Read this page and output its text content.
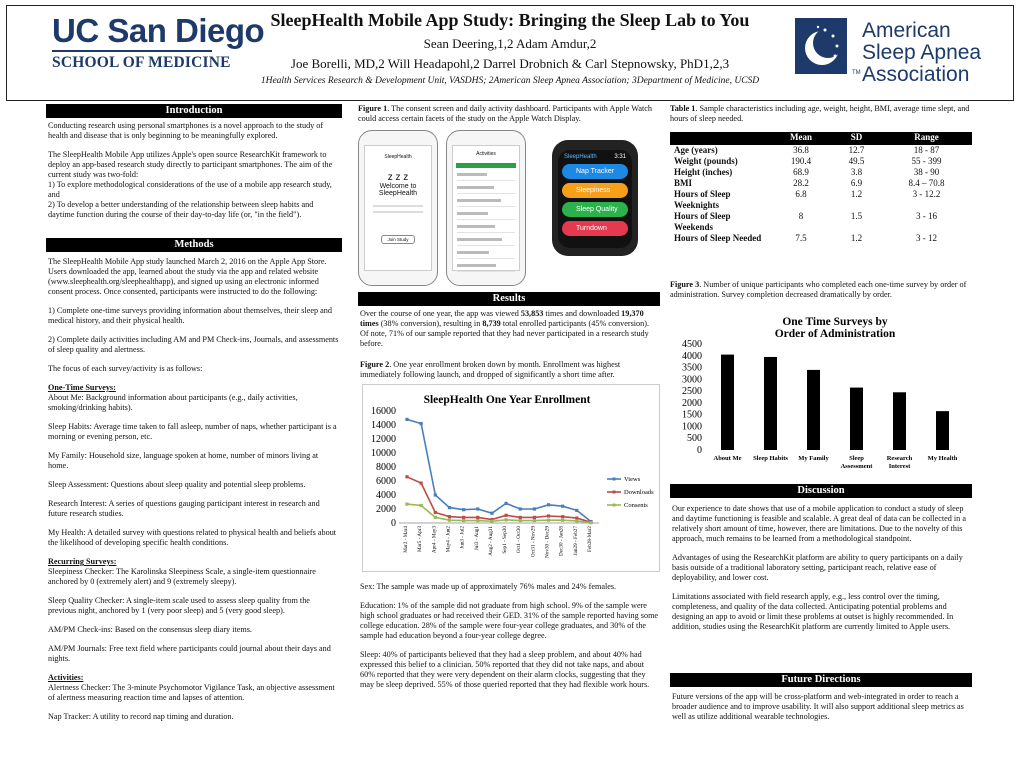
UC San Diego
SCHOOL OF MEDICINE
SleepHealth Mobile App Study: Bringing the Sleep Lab to You
Sean Deering,1,2 Adam Amdur,2
Joe Borelli, MD,2 Will Headapohl,2 Darrel Drobnich & Carl Stepnowsky, PhD1,2,3
1Health Services Research & Development Unit, VASDHS; 2American Sleep Apnea Association; 3Department of Medicine, UCSD
American
Sleep Apnea
Association
TM
Introduction

Conducting research using personal smartphones is a novel approach to the study of health and disease that is only beginning to be meaningfully explored.

The SleepHealth Mobile App utilizes Apple's open source ResearchKit framework to deploy an app-based research study directly to participant smartphones. The aim of the current study was two-fold:
1) To explore methodological considerations of the use of a mobile app research study, and
2) To develop a better understanding of the relationship between sleep habits and daytime function during the course of their day-to-day life (or, "in the field").
Methods

The SleepHealth Mobile App study launched March 2, 2016 on the Apple App Store. Users downloaded the app, learned about the study via the app and related website (www.sleephealth.org/sleephealthapp), and signed up using an electronic informed consent process. Once consented, participants were instructed to do the following:

1) Complete one-time surveys providing information about themselves, their sleep and medical history, and their physical health.

2) Complete daily activities including AM and PM Check-ins, Journals, and assessments of sleep quality and alertness.

The focus of each survey/activity is as follows:

One-Time Surveys:

About Me: Background information about participants (e.g., daily activities, smoking/drinking habits).

Sleep Habits: Average time taken to fall asleep, number of naps, whether participant is a morning or evening person, etc.

My Family: Household size, language spoken at home, number of minors living at home.

Sleep Assessment: Questions about sleep quality and potential sleep problems.

Research Interest: A series of questions gauging participant interest in research and future research studies.

My Health: A detailed survey with questions related to physical health and beliefs about the likelihood of developing specific health conditions.

Recurring Surveys:

Sleepiness Checker: The Karolinska Sleepiness Scale, a single-item questionnaire anchored by 0 (extremely alert) and 9 (extremely sleepy).

Sleep Quality Checker: A single-item scale used to assess sleep quality from the previous night, anchored by 1 (very poor sleep) and 5 (very good sleep).

AM/PM Check-ins: Based on the consensus sleep diary items.

AM/PM Journals: Free text field where participants could journal about their days and nights.

Activities:

Alertness Checker: The 3-minute Psychomotor Vigilance Task, an objective assessment of alertness measuring reaction time and lapses of attention.

Nap Tracker: A utility to record nap timing and duration.

Figure 1. The consent screen and daily activity dashboard. Participants with Apple Watch could access certain facets of the study on the Apple Watch Display.
SleepHealth
z z z
Welcome to
SleepHealth
Join Study
Activities	SleepHealth	3:31
Nap Tracker
Sleepiness
Sleep Quality
Turndown
Results
Over the course of one year, the app was viewed 53,853 times and downloaded 19,370 times (38% conversion), resulting in 8,739 total enrolled participants (45% conversion). Of note, 71% of our sample reported that they had never participated in a research study before.
Figure 2. One year enrollment broken down by month. Enrollment was highest immediately following launch, and dropped of significantly a short time after.
SleepHealth One Year Enrollment
0
2000
4000
6000
8000
10000
12000
14000
16000
Mar2 - Mar4 Mar5 - Apr3 Apr4 - May3 May4 - Jun2 Jun3 - Jul2 Jul3 - Aug1 Aug2 - Aug31 Sep1 - Sep30 Oct1 - Oct30 Oct31 - Nov29 Nov30 - Dec29 Dec30 - Jan28 Jan29 - Feb27 Feb28-Mar2
Views
Downloads
Consents

Sex: The sample was made up of approximately 76% males and 24% females.

Education: 1% of the sample did not graduate from high school. 9% of the sample were high school graduates or had received their GED. 31% of the sample reported having some college education. 28% of the sample were four-year college graduates, and 30% of the sample had education beyond a four-year college degree.

Sleep: 40% of participants believed that they had a sleep problem, and about 40% had expressed this belief to a clinician. 50% reported that they did not take naps, and about 60% reported that they were very dependent on their alarm clocks, suggesting that they may be sleep deprived. 55% of those queried reported that they had flexible work hours.

Table 1. Sample characteristics including age, weight, height, BMI, average time slept, and hours of sleep needed.
	Mean	SD	Range
Age (years)	36.8	12.7	18 - 87
Weight (pounds)	190.4	49.5	55 - 399
Height (inches)	68.9	3.8	38 - 90
BMI	28.2	6.9	8.4 – 70.8
Hours of Sleep Weeknights	6.8	1.2	3 - 12.2
Hours of Sleep Weekends	8	1.5	3 - 16
Hours of Sleep Needed	7.5	1.2	3 - 12
Figure 3. Number of unique participants who completed each one-time survey by order of administration. Survey completion decreased dramatically by order.
One Time Surveys by Order of Administration
0
500
1000
1500
2000
2500
3000
3500
4000
4500
About Me Sleep Habits My Family	Sleep
Assessment
Research
Interest
My Health
Discussion

Our experience to date shows that use of a mobile application to conduct a study of sleep and daytime functioning is feasible and scalable. A great deal of data can be collected in a relatively short amount of time, however, there are limitations. Due to the novelty of this approach, much remains to be learned from a methodological standpoint.

Advantages of using the ResearchKit platform are ability to query participants on a daily basis outside of a traditional laboratory setting, participant reach, relative ease of deployability, and lower cost.

Limitations associated with field research apply, e.g., less control over the timing, completeness, and quality of the data collected. Anticipating potential problems and designing an app to avoid or limit these problems at outset is highly recommended. In addition, studies using the ResearchKit platform are currently limited to Apple users.

Future Directions
Future versions of the app will be cross-platform and web-integrated in order to reach a broader audience and to improve usability. It will also support additional sleep metrics as well as utilize additional wearable technologies.
